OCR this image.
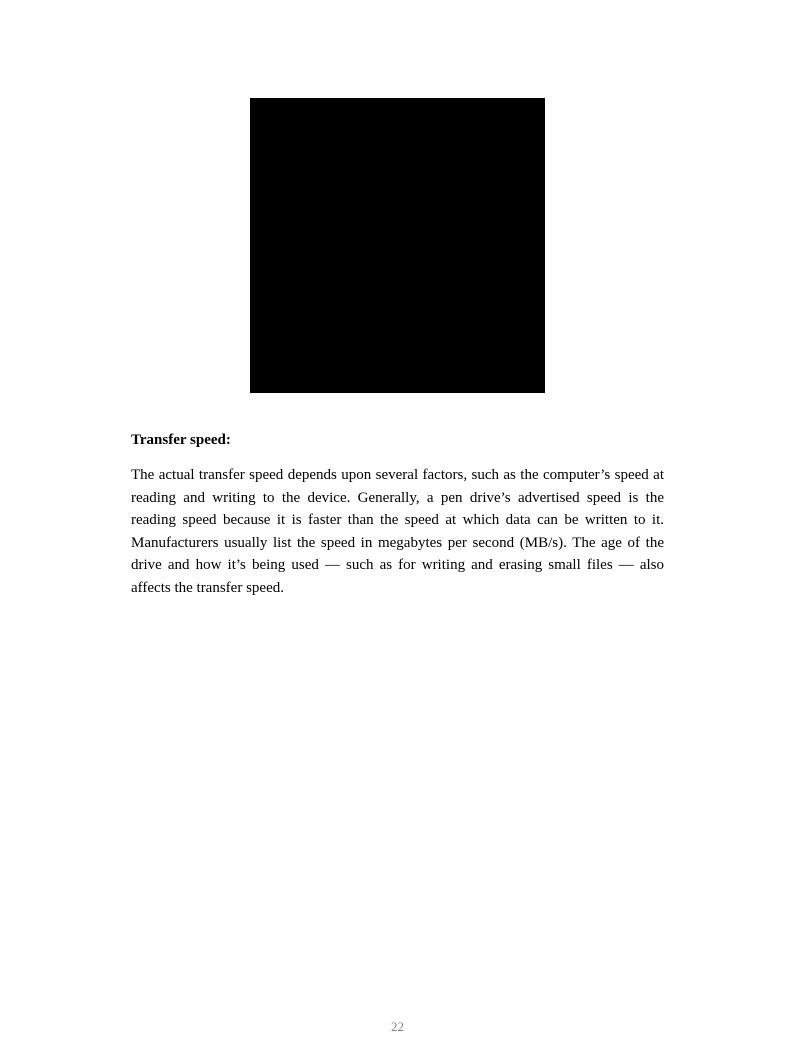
Transfer speed:

The actual transfer speed depends upon several factors, such as the computer’s speed at reading and writing to the device. Generally, a pen drive’s advertised speed is the reading speed because it is faster than the speed at which data can be written to it. Manufacturers usually list the speed in megabytes per second (MB/s). The age of the drive and how it’s being used — such as for writing and erasing small files — also affects the transfer speed.

22
